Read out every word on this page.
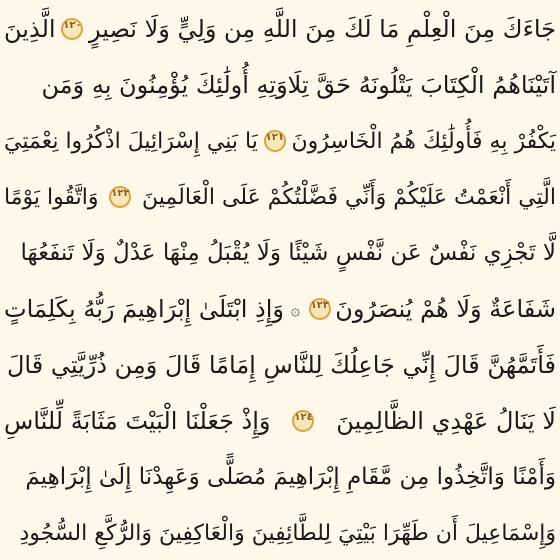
جَاءَكَ مِنَ الْعِلْمِ مَا لَكَ مِنَ اللَّهِ مِن وَلِيٍّ وَلَا نَصِيرٍ
١٢٠
الَّذِينَ
آتَيْنَاهُمُ الْكِتَابَ يَتْلُونَهُ حَقَّ تِلَاوَتِهِ أُولَٰئِكَ يُؤْمِنُونَ بِهِ وَمَن
يَكْفُرْ بِهِ فَأُولَٰئِكَ هُمُ الْخَاسِرُونَ
١٢١
يَا بَنِي إِسْرَائِيلَ اذْكُرُوا نِعْمَتِيَ
الَّتِي أَنْعَمْتُ عَلَيْكُمْ وَأَنِّي فَضَّلْتُكُمْ عَلَى الْعَالَمِينَ
١٢٢
وَاتَّقُوا يَوْمًا
لَّا تَجْزِي نَفْسٌ عَن نَّفْسٍ شَيْئًا وَلَا يُقْبَلُ مِنْهَا عَدْلٌ وَلَا تَنفَعُهَا
شَفَاعَةٌ وَلَا هُمْ يُنصَرُونَ
١٢٣
۞
وَإِذِ ابْتَلَىٰ إِبْرَاهِيمَ رَبُّهُ بِكَلِمَاتٍ
فَأَتَمَّهُنَّ قَالَ إِنِّي جَاعِلُكَ لِلنَّاسِ إِمَامًا قَالَ وَمِن ذُرِّيَّتِي قَالَ
لَا يَنَالُ عَهْدِي الظَّالِمِينَ
١٢٤
وَإِذْ جَعَلْنَا الْبَيْتَ مَثَابَةً لِّلنَّاسِ
وَأَمْنًا وَاتَّخِذُوا مِن مَّقَامِ إِبْرَاهِيمَ مُصَلًّى وَعَهِدْنَا إِلَىٰ إِبْرَاهِيمَ
وَإِسْمَاعِيلَ أَن طَهِّرَا بَيْتِيَ لِلطَّائِفِينَ وَالْعَاكِفِينَ وَالرُّكَّعِ السُّجُودِ
